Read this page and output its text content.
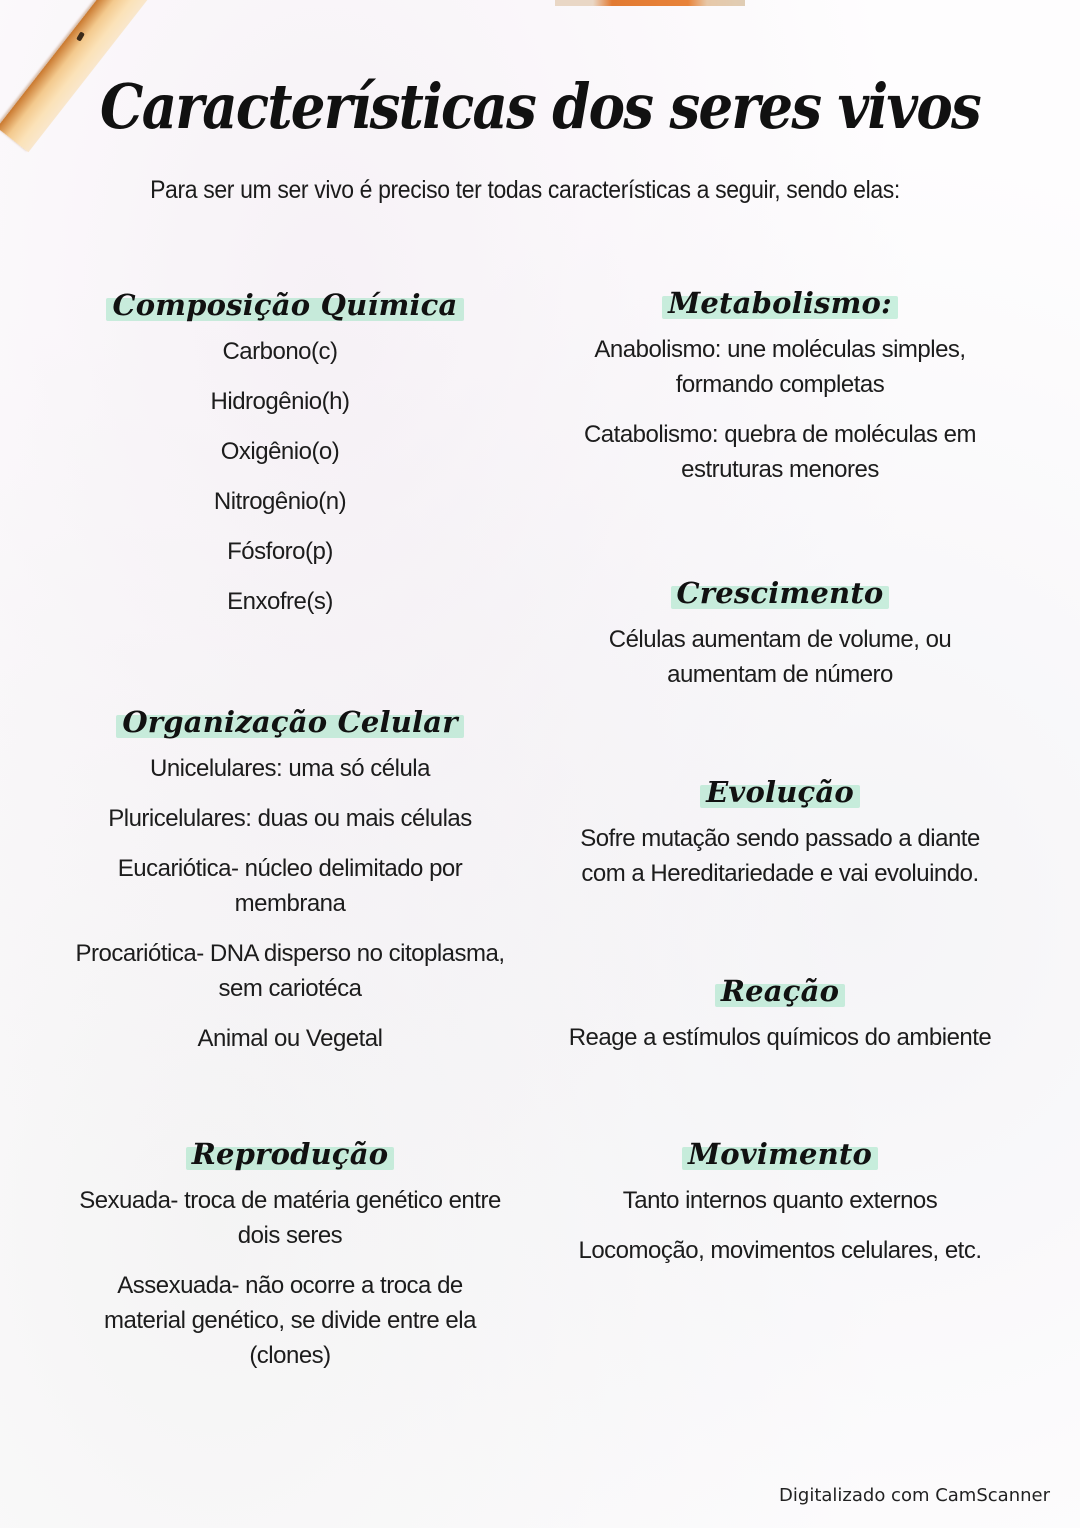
Características dos seres vivos
Para ser um ser vivo é preciso ter todas características a seguir, sendo elas:
Composição Química
Carbono(c)
Hidrogênio(h)
Oxigênio(o)
Nitrogênio(n)
Fósforo(p)
Enxofre(s)
Organização Celular
Unicelulares: uma só célula
Pluricelulares: duas ou mais células
Eucariótica- núcleo delimitado por
membrana
Procariótica- DNA disperso no citoplasma,
sem cariotéca
Animal ou Vegetal
Reprodução
Sexuada- troca de matéria genético entre
dois seres
Assexuada- não ocorre a troca de
material genético, se divide entre ela
(clones)
Metabolismo:
Anabolismo: une moléculas simples,
formando completas
Catabolismo: quebra de moléculas em
estruturas menores
Crescimento
Células aumentam de volume, ou
aumentam de número
Evolução
Sofre mutação sendo passado a diante
com a Hereditariedade e vai evoluindo.
Reação
Reage a estímulos químicos do ambiente
Movimento
Tanto internos quanto externos
Locomoção, movimentos celulares, etc.
Digitalizado com CamScanner
